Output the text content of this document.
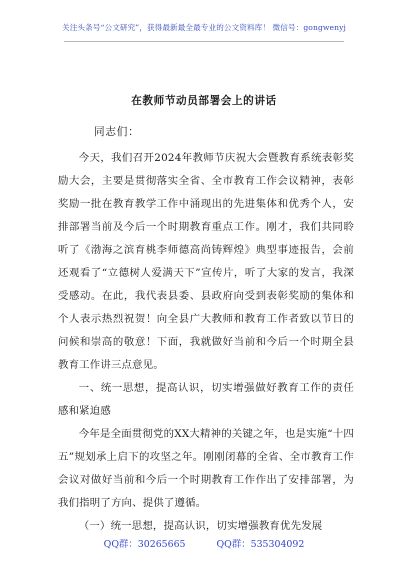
关注头条号“公文研究”，获得最新最全最专业的公文资料库！ 微信号：gongwenyj
在教师节动员部署会上的讲话
同志们：

今天，我们召开2024年教师节庆祝大会暨教育系统表彰奖励大会，主要是贯彻落实全省、全市教育工作会议精神，表彰奖励一批在教育教学工作中涌现出的先进集体和优秀个人，安排部署当前及今后一个时期教育重点工作。刚才，我们共同聆听了《渤海之滨育桃李师德高尚铸辉煌》典型事迹报告，会前还观看了“立德树人爱满天下”宣传片，听了大家的发言，我深受感动。在此，我代表县委、县政府向受到表彰奖励的集体和个人表示热烈祝贺！向全县广大教师和教育工作者致以节日的问候和崇高的敬意！下面，我就做好当前和今后一个时期全县教育工作讲三点意见。

一、统一思想，提高认识，切实增强做好教育工作的责任感和紧迫感

今年是全面贯彻党的XX大精神的关键之年，也是实施“十四五”规划承上启下的攻坚之年。刚刚闭幕的全省、全市教育工作会议对做好当前和今后一个时期教育工作作出了安排部署，为我们指明了方向、提供了遵循。

（一）统一思想，提高认识，切实增强教育优先发展

QQ群：30265665	QQ群：535304092
